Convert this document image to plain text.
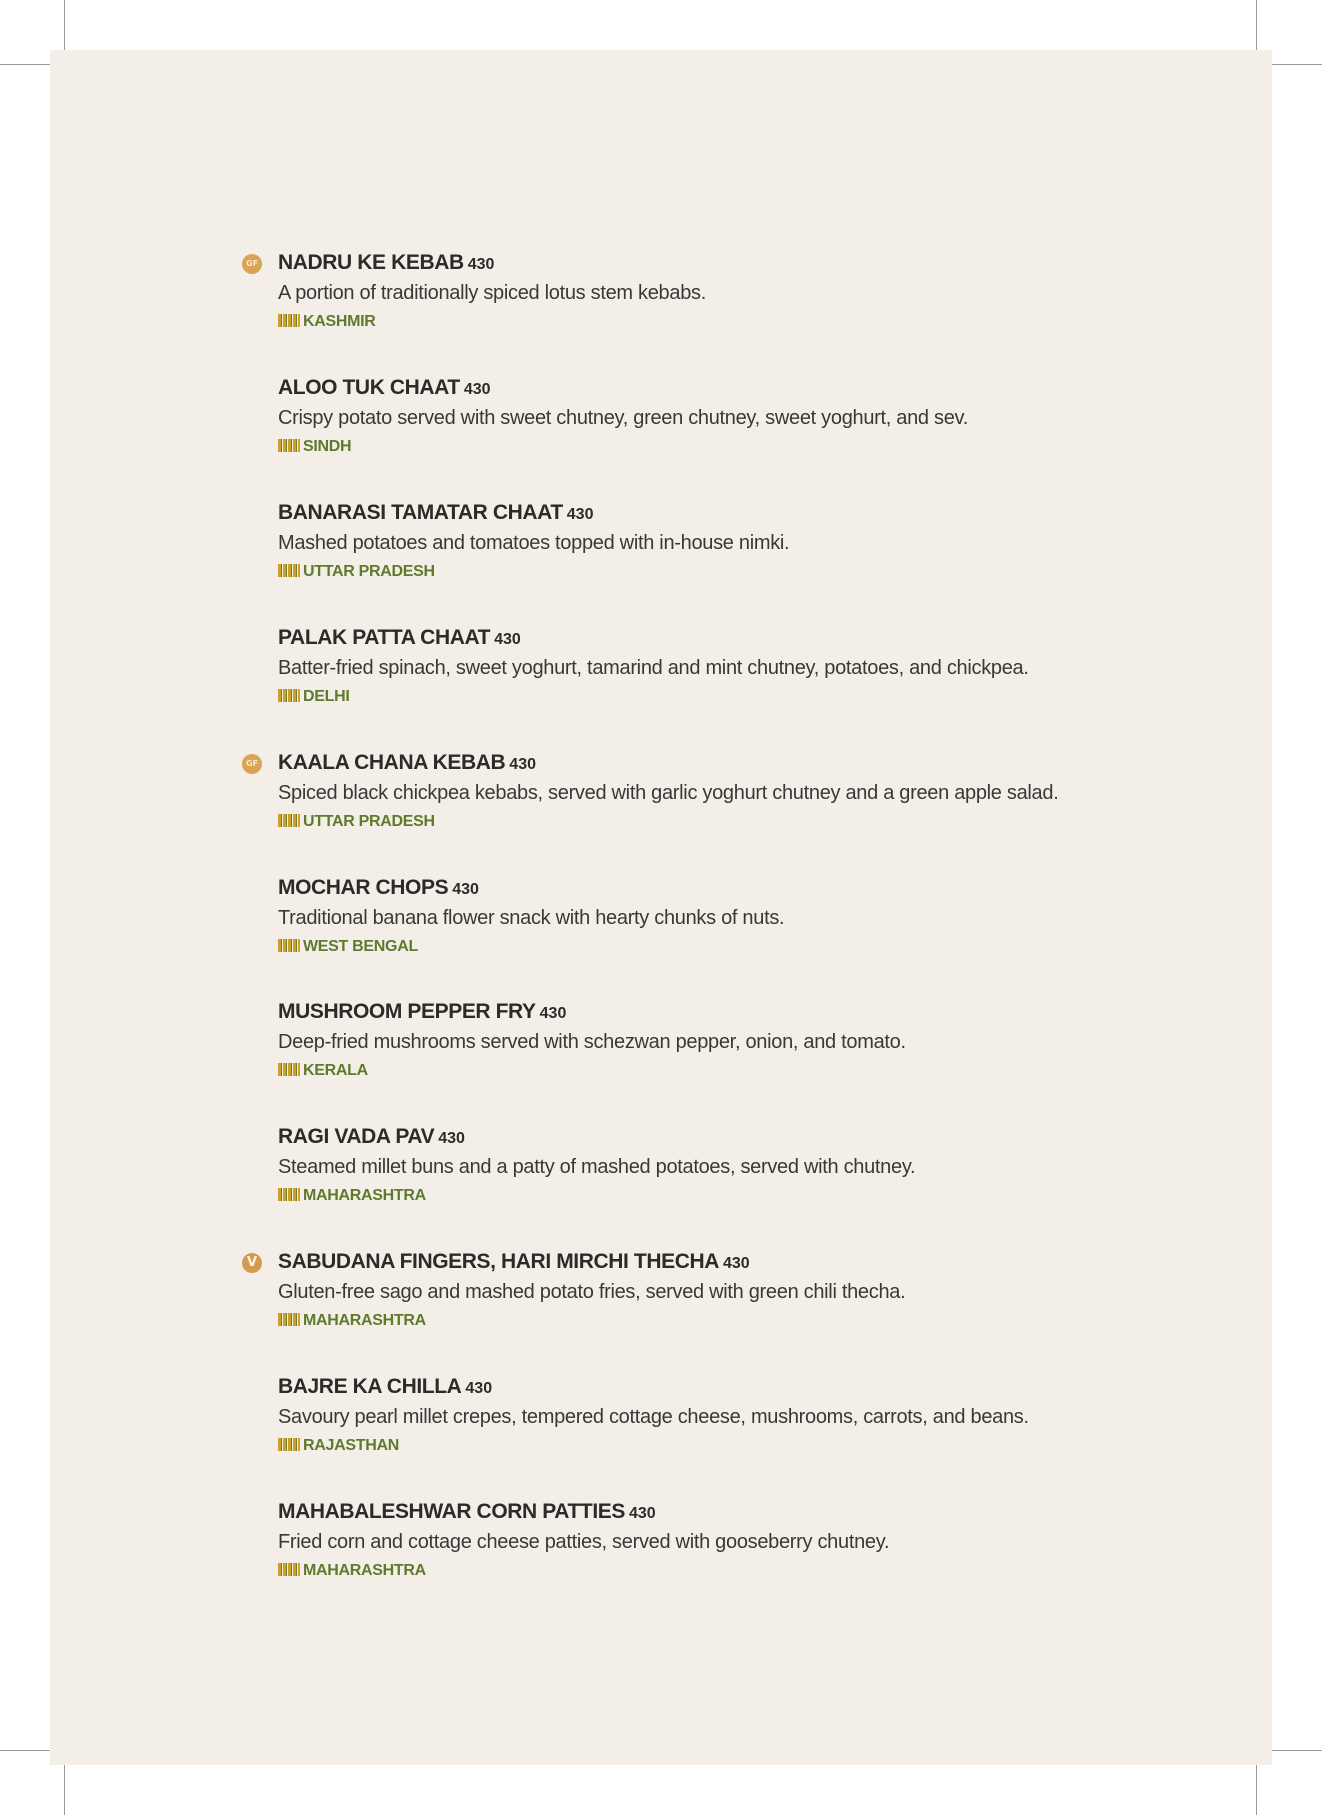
GF NADRU KE KEBAB 430
A portion of traditionally spiced lotus stem kebabs.
KASHMIR
ALOO TUK CHAAT 430
Crispy potato served with sweet chutney, green chutney, sweet yoghurt, and sev.
SINDH
BANARASI TAMATAR CHAAT 430
Mashed potatoes and tomatoes topped with in-house nimki.
UTTAR PRADESH
PALAK PATTA CHAAT 430
Batter-fried spinach, sweet yoghurt, tamarind and mint chutney, potatoes, and chickpea.
DELHI
GF KAALA CHANA KEBAB 430
Spiced black chickpea kebabs, served with garlic yoghurt chutney and a green apple salad.
UTTAR PRADESH
MOCHAR CHOPS 430
Traditional banana flower snack with hearty chunks of nuts.
WEST BENGAL
MUSHROOM PEPPER FRY 430
Deep-fried mushrooms served with schezwan pepper, onion, and tomato.
KERALA
RAGI VADA PAV 430
Steamed millet buns and a patty of mashed potatoes, served with chutney.
MAHARASHTRA
V SABUDANA FINGERS, HARI MIRCHI THECHA 430
Gluten-free sago and mashed potato fries, served with green chili thecha.
MAHARASHTRA
BAJRE KA CHILLA 430
Savoury pearl millet crepes, tempered cottage cheese, mushrooms, carrots, and beans.
RAJASTHAN
MAHABALESHWAR CORN PATTIES 430
Fried corn and cottage cheese patties, served with gooseberry chutney.
MAHARASHTRA
